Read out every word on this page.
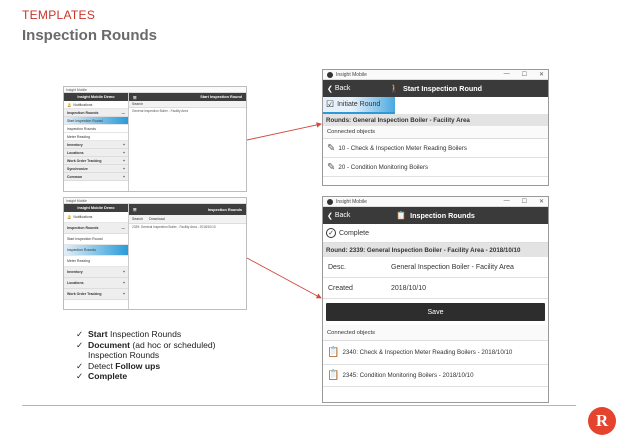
TEMPLATES
Inspection Rounds
Insight Mobile
Insight Mobile Demo
🔔 Notifications
Inspection Rounds	—
Start Inspection Round
Inspection Rounds
Meter Reading
Inventory	+
Locations	+
Work Order Tracking	+
Synchronize	+
Common	+
☰	Start Inspection Round
Search
General Inspection Boiler - Facility Area
Insight Mobile
Insight Mobile Demo
🔔 Notifications
Inspection Rounds	—
Start Inspection Round
Inspection Rounds
Meter Reading
Inventory	+
Locations	+
Work Order Tracking	+
☰	Inspection Rounds
Search Download
2339: General Inspection Boiler - Facility Area - 2018/10/10
Insight Mobile	— ☐ ✕
❮ Back	🚶 Start Inspection Round
☑ Initiate Round
Rounds: General Inspection Boiler - Facility Area
Connected objects
✎ 10 - Check & Inspection Meter Reading Boilers
✎ 20 - Condition Monitoring Boilers
Insight Mobile	— ☐ ✕
❮ Back	📋 Inspection Rounds
✓ Complete
Round: 2339: General Inspection Boiler - Facility Area - 2018/10/10
Desc.	General Inspection Boiler - Facility Area
Created	2018/10/10
Save
Connected objects
📋 2340: Check & Inspection Meter Reading Boilers - 2018/10/10
📋 2345: Condition Monitoring Boilers - 2018/10/10
✓ Start Inspection Rounds
✓ Document (ad hoc or scheduled)
Inspection Rounds
✓ Detect Follow ups
✓ Complete
R
